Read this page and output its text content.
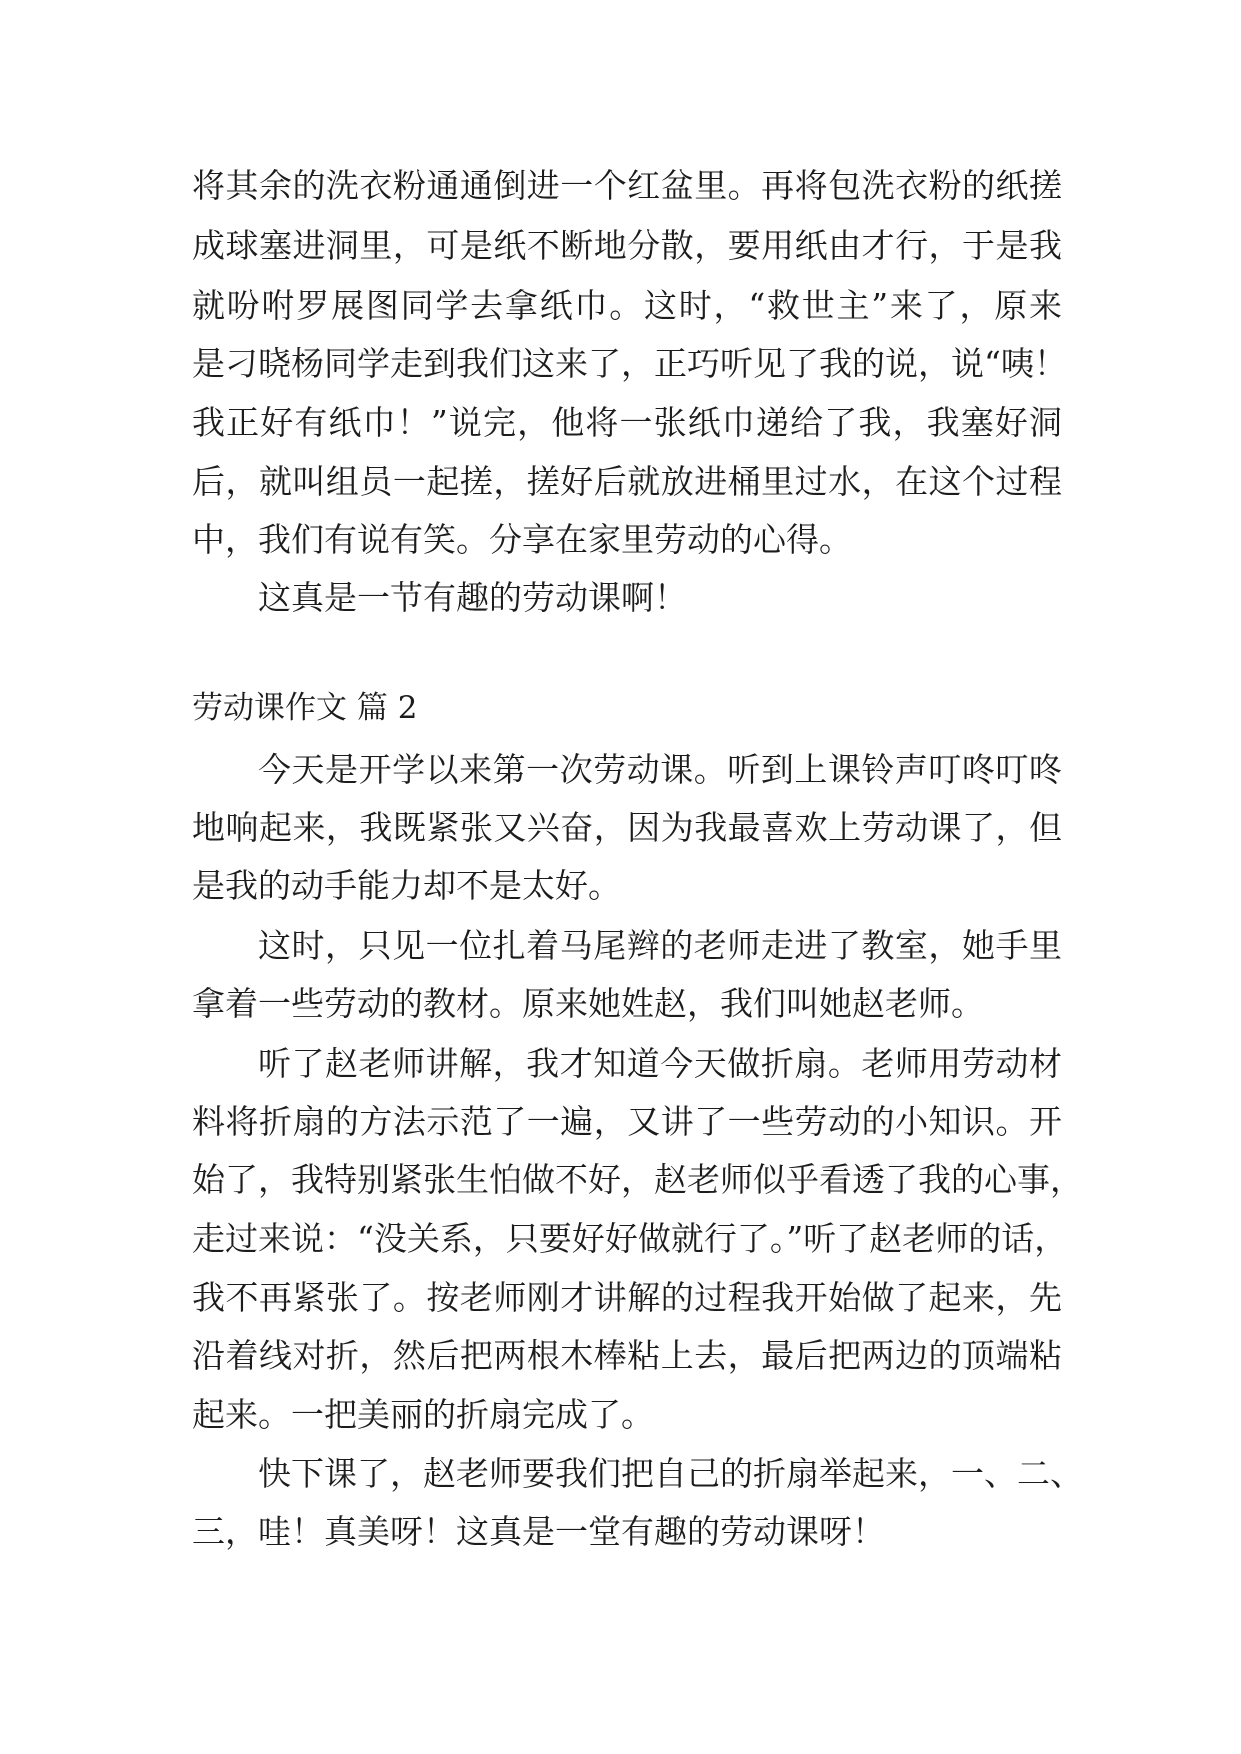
将其余的洗衣粉通通倒进一个红盆里。再将包洗衣粉的纸搓
成球塞进洞里，可是纸不断地分散，要用纸由才行，于是我
就吩咐罗展图同学去拿纸巾。这时，“救世主”来了，原来
是刁晓杨同学走到我们这来了，正巧听见了我的说，说“咦！
我正好有纸巾！”说完，他将一张纸巾递给了我，我塞好洞
后，就叫组员一起搓，搓好后就放进桶里过水，在这个过程
中，我们有说有笑。分享在家里劳动的心得。
这真是一节有趣的劳动课啊！
劳动课作文 篇 2
今天是开学以来第一次劳动课。听到上课铃声叮咚叮咚
地响起来，我既紧张又兴奋，因为我最喜欢上劳动课了，但
是我的动手能力却不是太好。
这时，只见一位扎着马尾辫的老师走进了教室，她手里
拿着一些劳动的教材。原来她姓赵，我们叫她赵老师。
听了赵老师讲解，我才知道今天做折扇。老师用劳动材
料将折扇的方法示范了一遍，又讲了一些劳动的小知识。开
始了，我特别紧张生怕做不好，赵老师似乎看透了我的心事，
走过来说：“没关系，只要好好做就行了。”听了赵老师的话，
我不再紧张了。按老师刚才讲解的过程我开始做了起来，先
沿着线对折，然后把两根木棒粘上去，最后把两边的顶端粘
起来。一把美丽的折扇完成了。
快下课了，赵老师要我们把自己的折扇举起来，一、二、
三，哇！真美呀！这真是一堂有趣的劳动课呀！
